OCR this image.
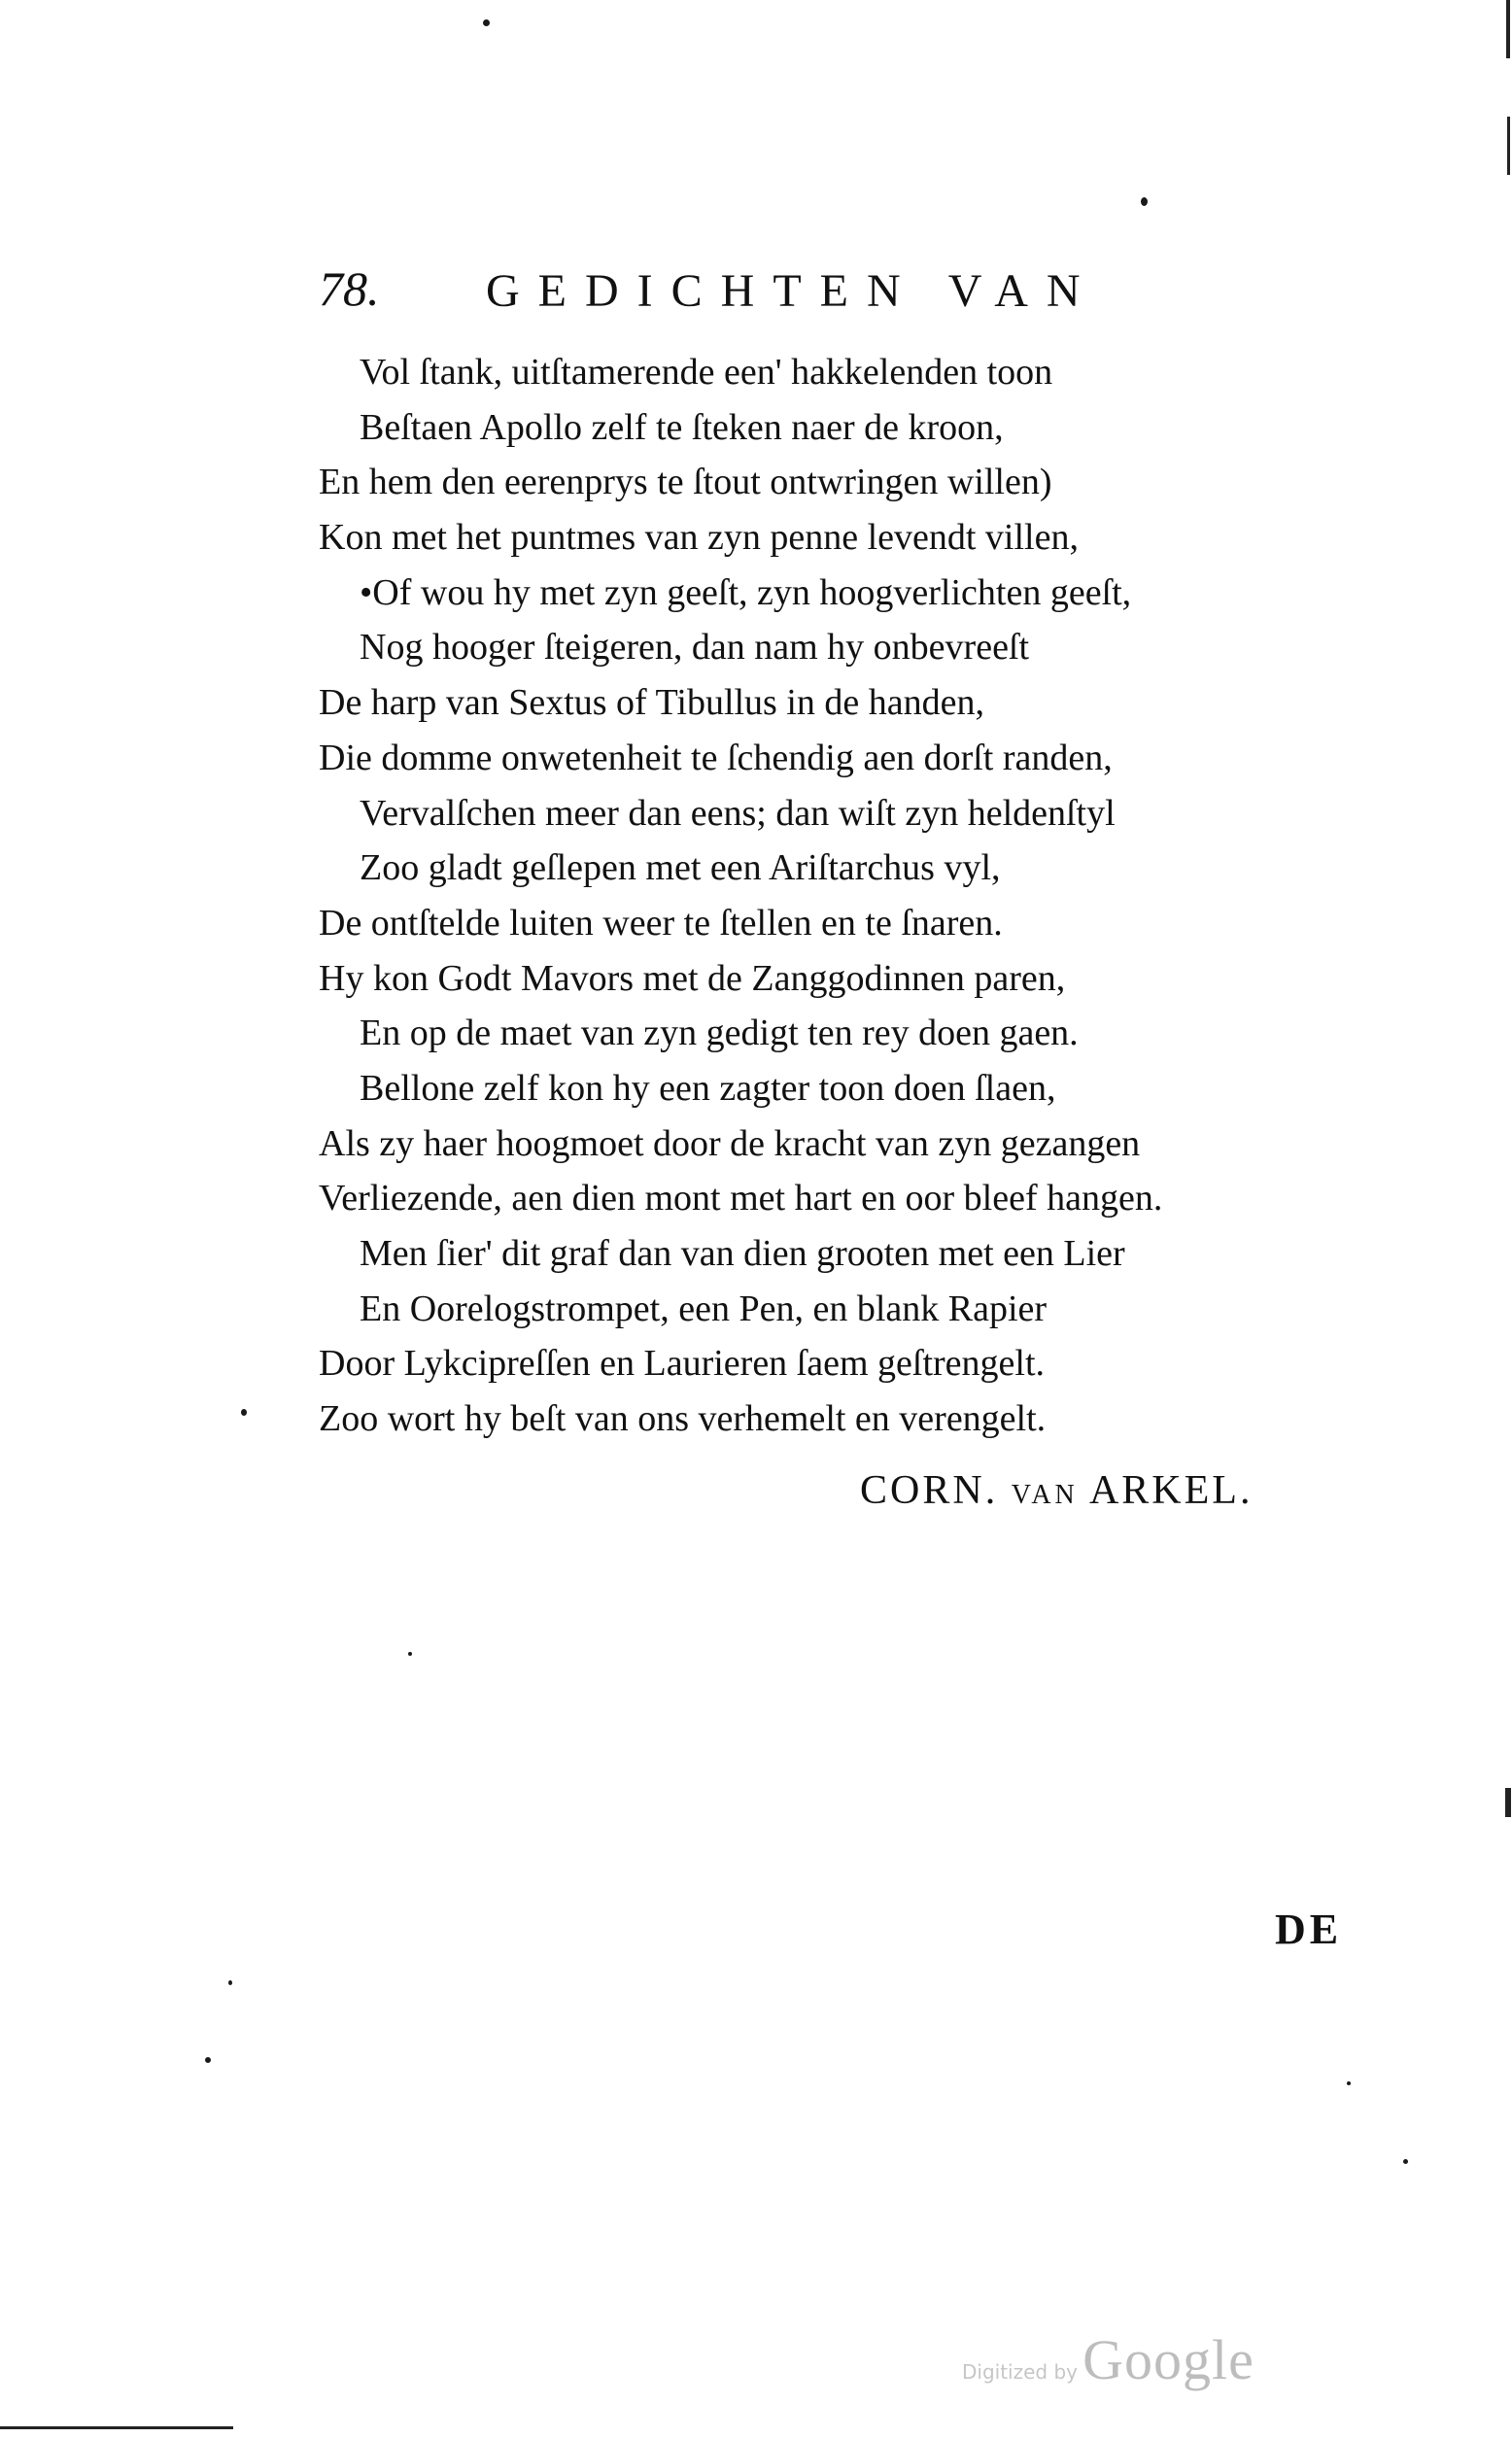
78. GEDICHTEN VAN
Vol ſtank, uitſtamerende een' hakkelenden toon
Beſtaen Apollo zelf te ſteken naer de kroon,
En hem den eerenprys te ſtout ontwringen willen)
Kon met het puntmes van zyn penne levendt villen,
•Of wou hy met zyn geeſt, zyn hoogverlichten geeſt,
Nog hooger ſteigeren, dan nam hy onbevreeſt
De harp van Sextus of Tibullus in de handen,
Die domme onwetenheit te ſchendig aen dorſt randen,
Vervalſchen meer dan eens; dan wiſt zyn heldenſtyl
Zoo gladt geſlepen met een Ariſtarchus vyl,
De ontſtelde luiten weer te ſtellen en te ſnaren.
Hy kon Godt Mavors met de Zanggodinnen paren,
En op de maet van zyn gedigt ten rey doen gaen.
Bellone zelf kon hy een zagter toon doen ſlaen,
Als zy haer hoogmoet door de kracht van zyn gezangen
Verliezende, aen dien mont met hart en oor bleef hangen.
Men ſier' dit graf dan van dien grooten met een Lier
En Oorelogstrompet, een Pen, en blank Rapier
Door Lykcipreſſen en Laurieren ſaem geſtrengelt.
Zoo wort hy beſt van ons verhemelt en verengelt.
CORN. VAN ARKEL.
DE
Digitized by Google
